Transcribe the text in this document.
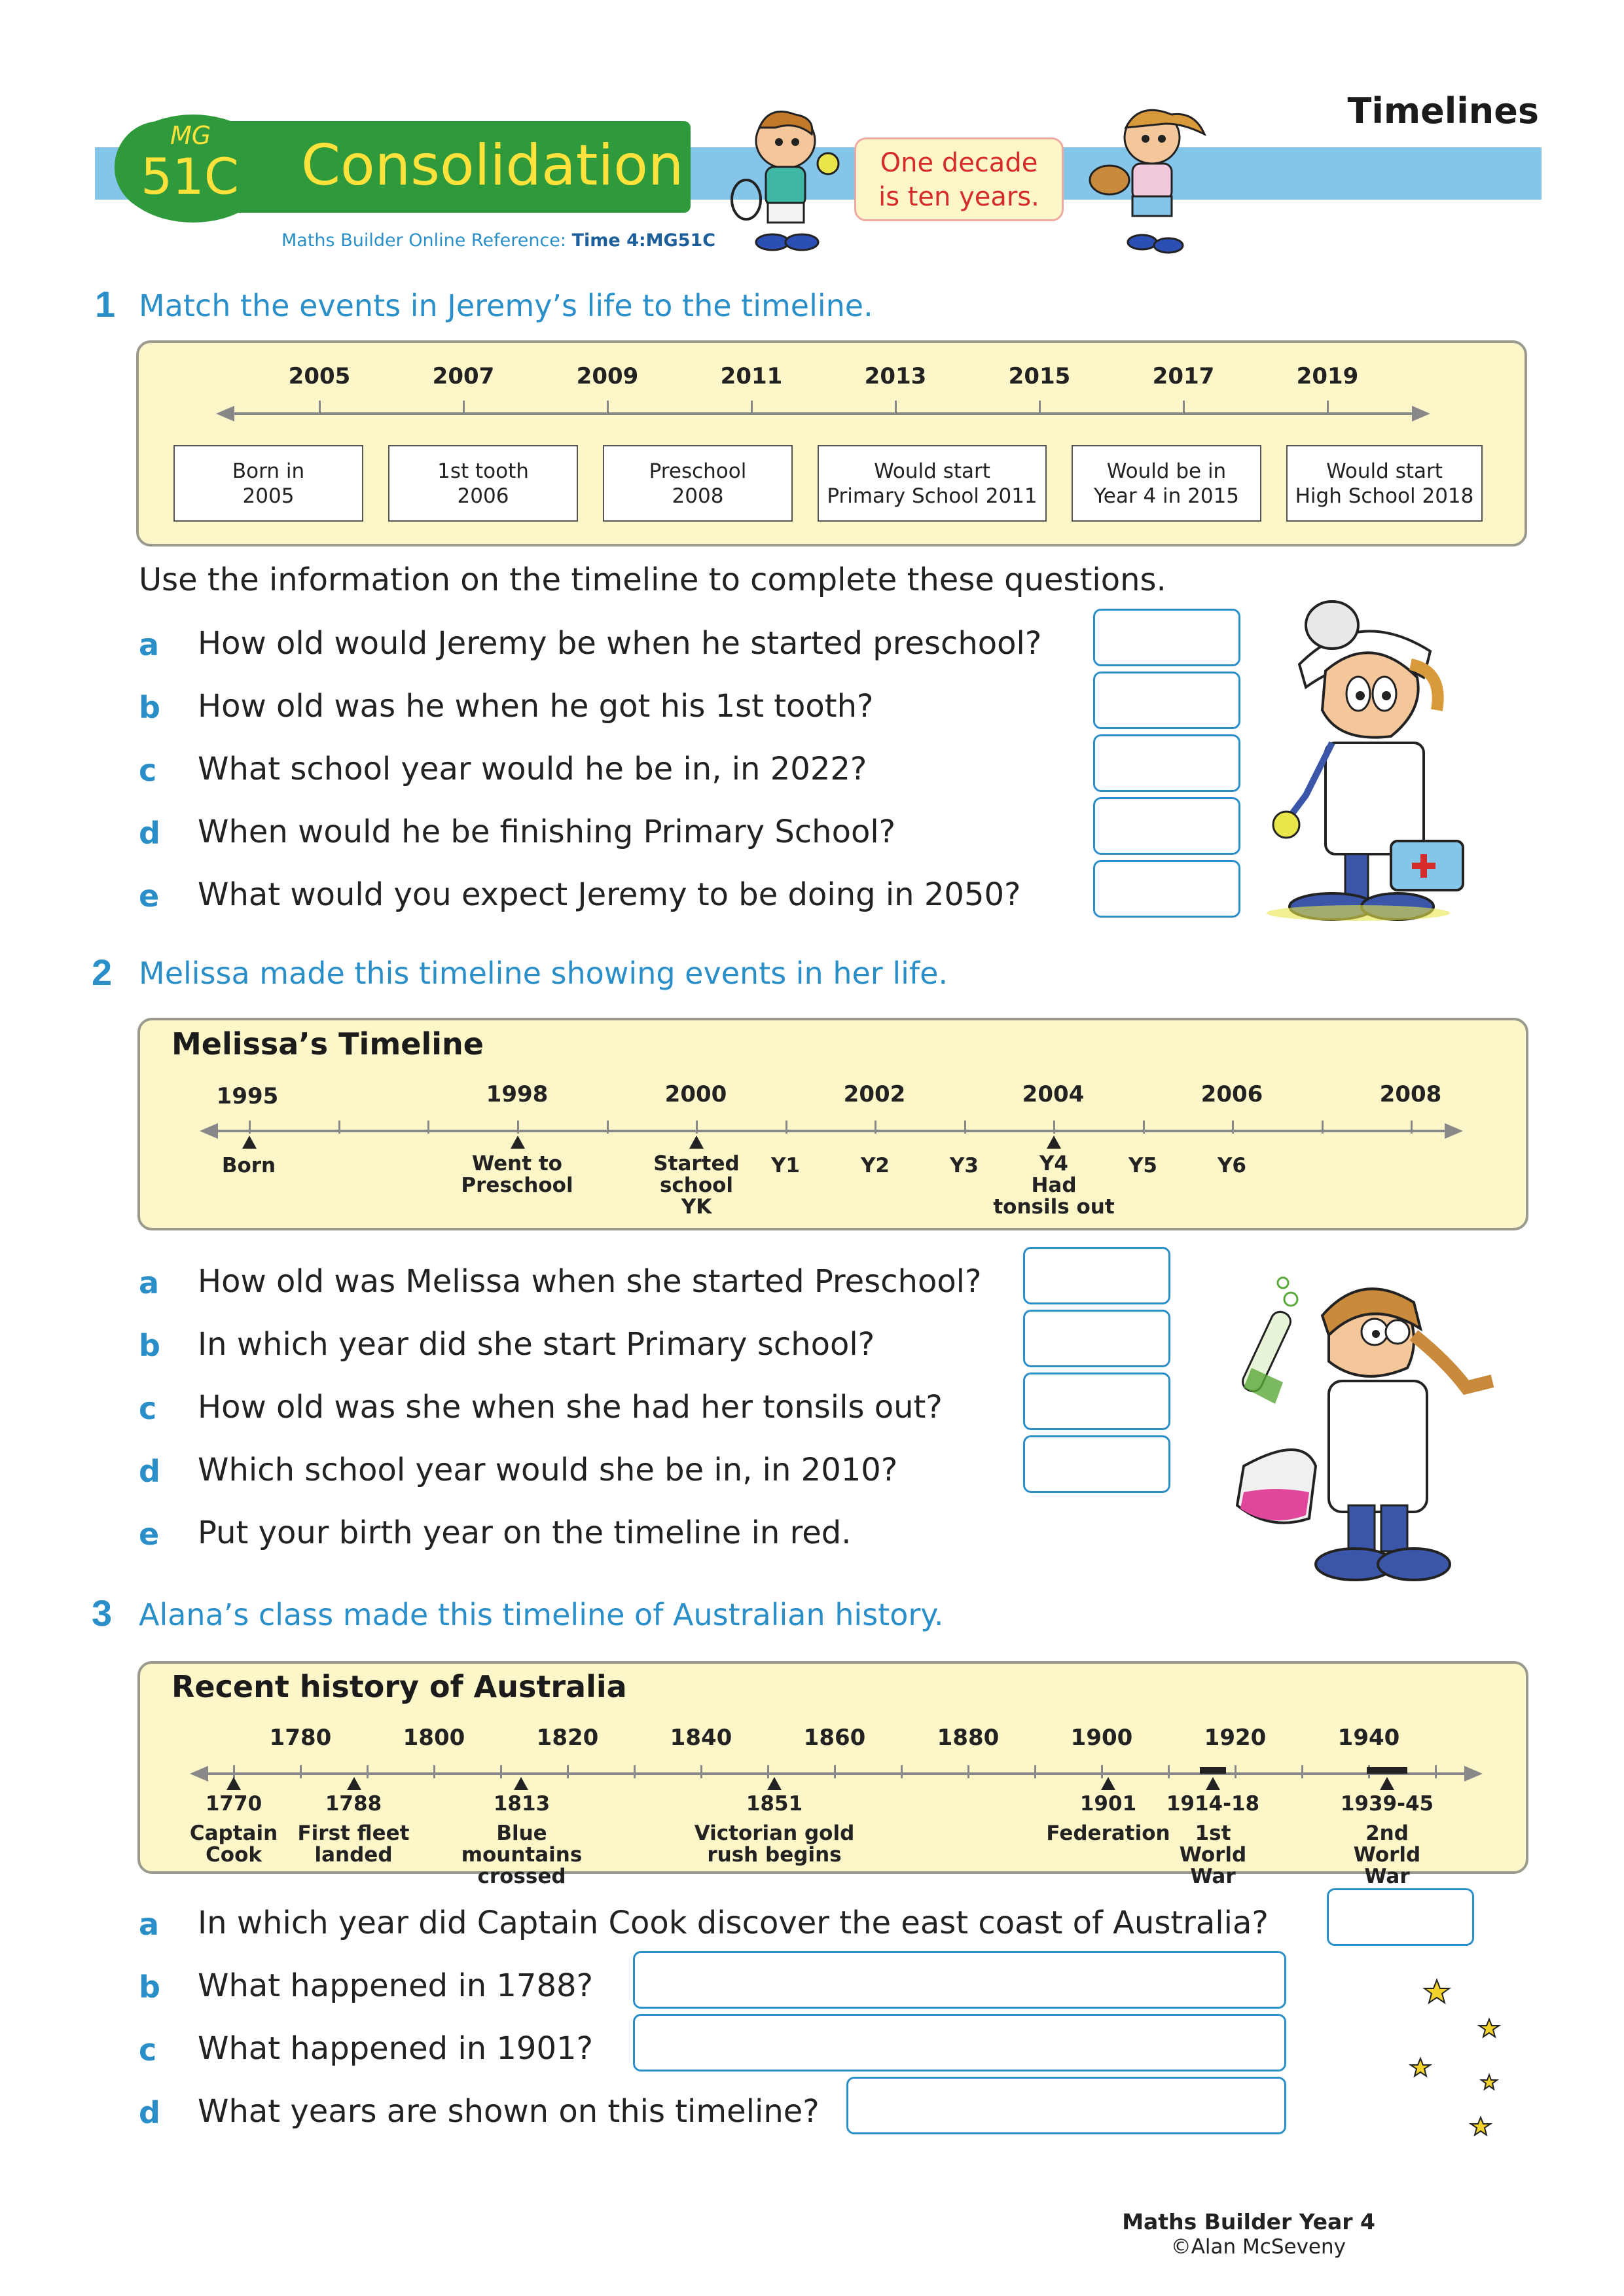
Timelines
MG
51C Consolidation
Maths Builder Online Reference: Time 4:MG51C
One decade
is ten years.
1 Match the events in Jeremy’s life to the timeline.
2005	2007	2009	2011	2013	2015	2017	2019
Born in
2005
1st tooth
2006
Preschool
2008
Would start
Primary School 2011
Would be in
Year 4 in 2015
Would start
High School 2018
Use the information on the timeline to complete these questions.
a How old would Jeremy be when he started preschool?
b How old was he when he got his 1st tooth?
c What school year would he be in, in 2022?
d When would he be finishing Primary School?
e What would you expect Jeremy to be doing in 2050?
2 Melissa made this timeline showing events in her life.
Melissa’s Timeline
1995	1998	2000	2002	2004	2006	2008
Born	Went to
Preschool
Started
school
YK
Y1	Y2	Y3	Y4
Had
tonsils out
Y5	Y6
a How old was Melissa when she started Preschool?
b In which year did she start Primary school?
c How old was she when she had her tonsils out?
d Which school year would she be in, in 2010?
e Put your birth year on the timeline in red.
3 Alana’s class made this timeline of Australian history.
Recent history of Australia
1780	1800	1820	1840	1860	1880	1900	1920	1940
1770
Captain
Cook
1788
First fleet
landed
1813
Blue mountains
crossed
1851
Victorian gold
rush begins
1901
Federation
1914-18
1st
World War
1939-45
2nd
World War
a In which year did Captain Cook discover the east coast of Australia?
b What happened in 1788?
c What happened in 1901?
d What years are shown on this timeline?
Maths Builder Year 4
©Alan McSeveny
